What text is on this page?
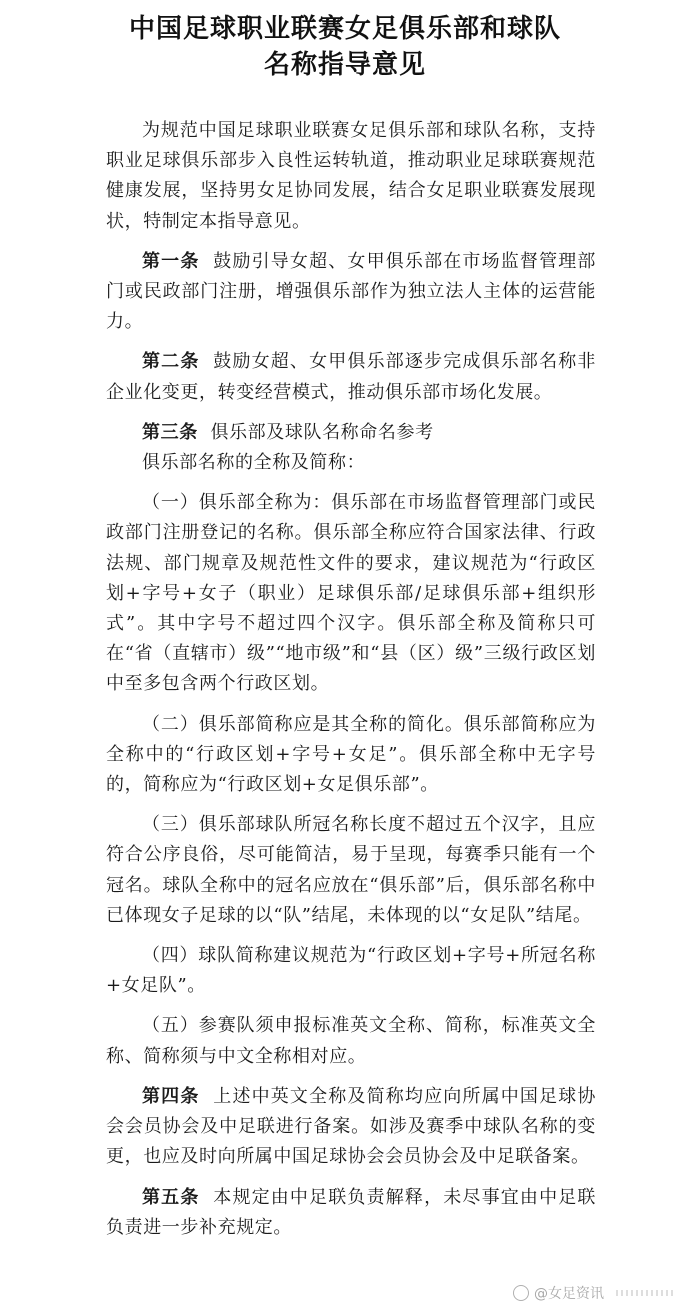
中国足球职业联赛女足俱乐部和球队
名称指导意见

为规范中国足球职业联赛女足俱乐部和球队名称，支持职业足球俱乐部步入良性运转轨道，推动职业足球联赛规范健康发展，坚持男女足协同发展，结合女足职业联赛发展现状，特制定本指导意见。

第一条 鼓励引导女超、女甲俱乐部在市场监督管理部门或民政部门注册，增强俱乐部作为独立法人主体的运营能力。

第二条 鼓励女超、女甲俱乐部逐步完成俱乐部名称非企业化变更，转变经营模式，推动俱乐部市场化发展。

第三条 俱乐部及球队名称命名参考

俱乐部名称的全称及简称：

（一）俱乐部全称为：俱乐部在市场监督管理部门或民政部门注册登记的名称。俱乐部全称应符合国家法律、行政法规、部门规章及规范性文件的要求，建议规范为“行政区划+字号+女子（职业）足球俱乐部/足球俱乐部+组织形式”。其中字号不超过四个汉字。俱乐部全称及简称只可在“省（直辖市）级”“地市级”和“县（区）级”三级行政区划中至多包含两个行政区划。

（二）俱乐部简称应是其全称的简化。俱乐部简称应为全称中的“行政区划+字号+女足”。俱乐部全称中无字号的，简称应为“行政区划+女足俱乐部”。

（三）俱乐部球队所冠名称长度不超过五个汉字，且应符合公序良俗，尽可能简洁，易于呈现，每赛季只能有一个冠名。球队全称中的冠名应放在“俱乐部”后，俱乐部名称中已体现女子足球的以“队”结尾，未体现的以“女足队”结尾。

（四）球队简称建议规范为“行政区划+字号+所冠名称+女足队”。

（五）参赛队须申报标准英文全称、简称，标准英文全称、简称须与中文全称相对应。

第四条 上述中英文全称及简称均应向所属中国足球协会会员协会及中足联进行备案。如涉及赛季中球队名称的变更，也应及时向所属中国足球协会会员协会及中足联备案。

第五条 本规定由中足联负责解释，未尽事宜由中足联负责进一步补充规定。

@女足资讯
